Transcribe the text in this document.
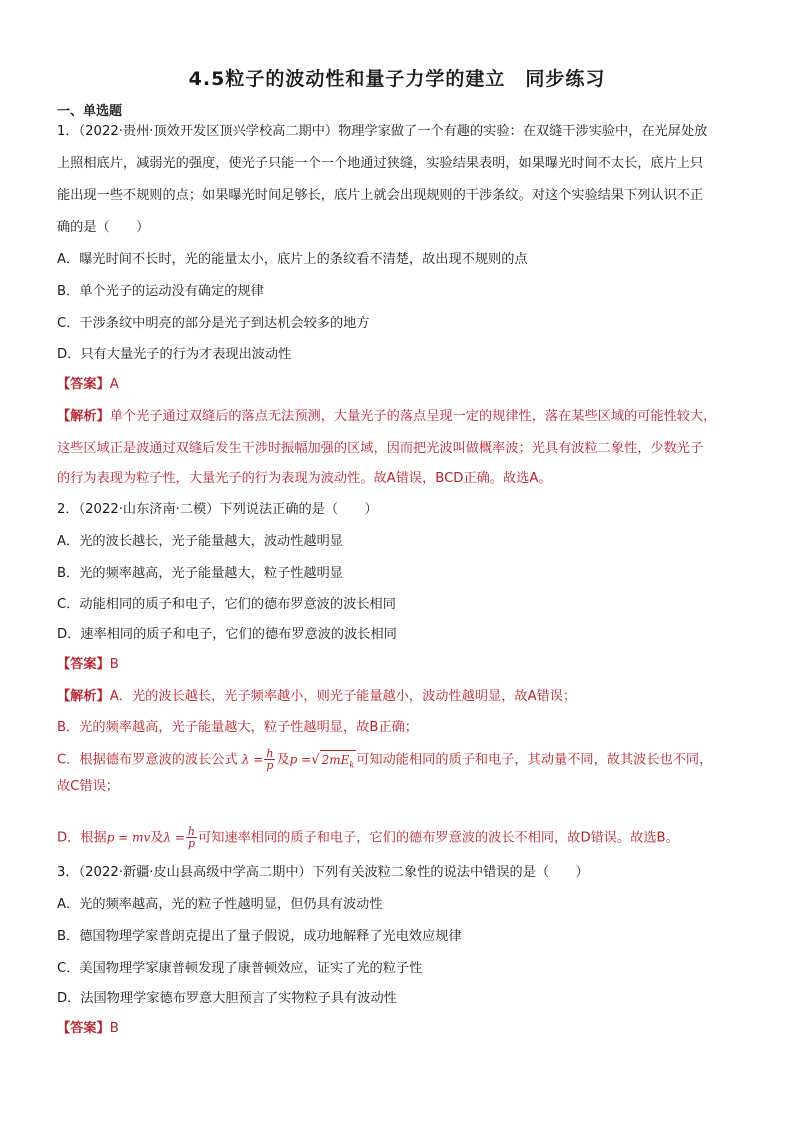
4.5粒子的波动性和量子力学的建立　同步练习
一、单选题
1．（2022·贵州·顶效开发区顶兴学校高二期中）物理学家做了一个有趣的实验：在双缝干涉实验中，在光屏处放
上照相底片，减弱光的强度，使光子只能一个一个地通过狭缝，实验结果表明，如果曝光时间不太长，底片上只
能出现一些不规则的点；如果曝光时间足够长，底片上就会出现规则的干涉条纹。对这个实验结果下列认识不正
确的是（　　）
A．曝光时间不长时，光的能量太小，底片上的条纹看不清楚，故出现不规则的点
B．单个光子的运动没有确定的规律
C．干涉条纹中明亮的部分是光子到达机会较多的地方
D．只有大量光子的行为才表现出波动性
【答案】A
【解析】单个光子通过双缝后的落点无法预测，大量光子的落点呈现一定的规律性，落在某些区域的可能性较大，
这些区域正是波通过双缝后发生干涉时振幅加强的区域，因而把光波叫做概率波；光具有波粒二象性，少数光子
的行为表现为粒子性，大量光子的行为表现为波动性。故A错误，BCD正确。故选A。
2．（2022·山东济南·二模）下列说法正确的是（　　）
A．光的波长越长，光子能量越大，波动性越明显
B．光的频率越高，光子能量越大，粒子性越明显
C．动能相同的质子和电子，它们的德布罗意波的波长相同
D．速率相同的质子和电子，它们的德布罗意波的波长相同
【答案】B
【解析】A．光的波长越长，光子频率越小，则光子能量越小，波动性越明显，故A错误；
B．光的频率越高，光子能量越大，粒子性越明显，故B正确；
C．根据德布罗意波的波长公式 $\lambda = \frac{h}{p}$ 及p =√ $2mE_k$ 可知动能相同的质子和电子，其动量不同，故其波长也不同，
故C错误；
D．根据p = mv及$\lambda = \frac{h}{p}$ 可知速率相同的质子和电子，它们的德布罗意波的波长不相同，故D错误。故选B。
3．（2022·新疆·皮山县高级中学高二期中）下列有关波粒二象性的说法中错误的是（　　）
A．光的频率越高，光的粒子性越明显，但仍具有波动性
B．德国物理学家普朗克提出了量子假说，成功地解释了光电效应规律
C．美国物理学家康普顿发现了康普顿效应，证实了光的粒子性
D．法国物理学家德布罗意大胆预言了实物粒子具有波动性
【答案】B
